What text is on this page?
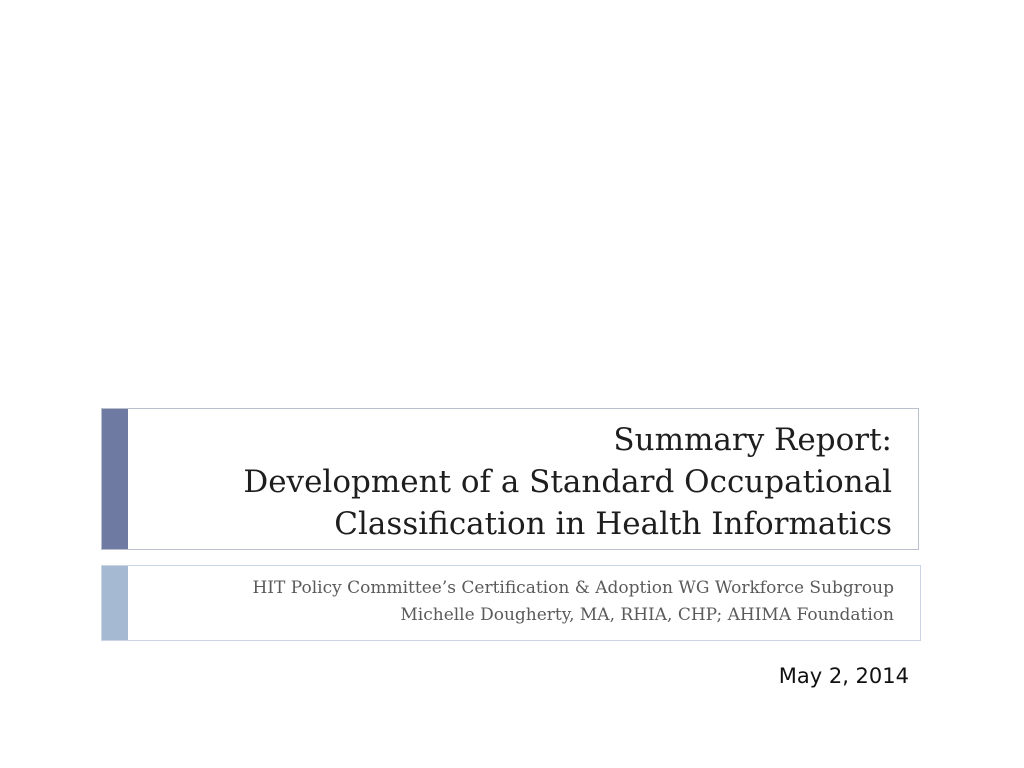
Summary Report:
Development of a Standard Occupational
Classification in Health Informatics
HIT Policy Committee’s Certification & Adoption WG Workforce Subgroup
Michelle Dougherty, MA, RHIA, CHP; AHIMA Foundation
May 2, 2014
